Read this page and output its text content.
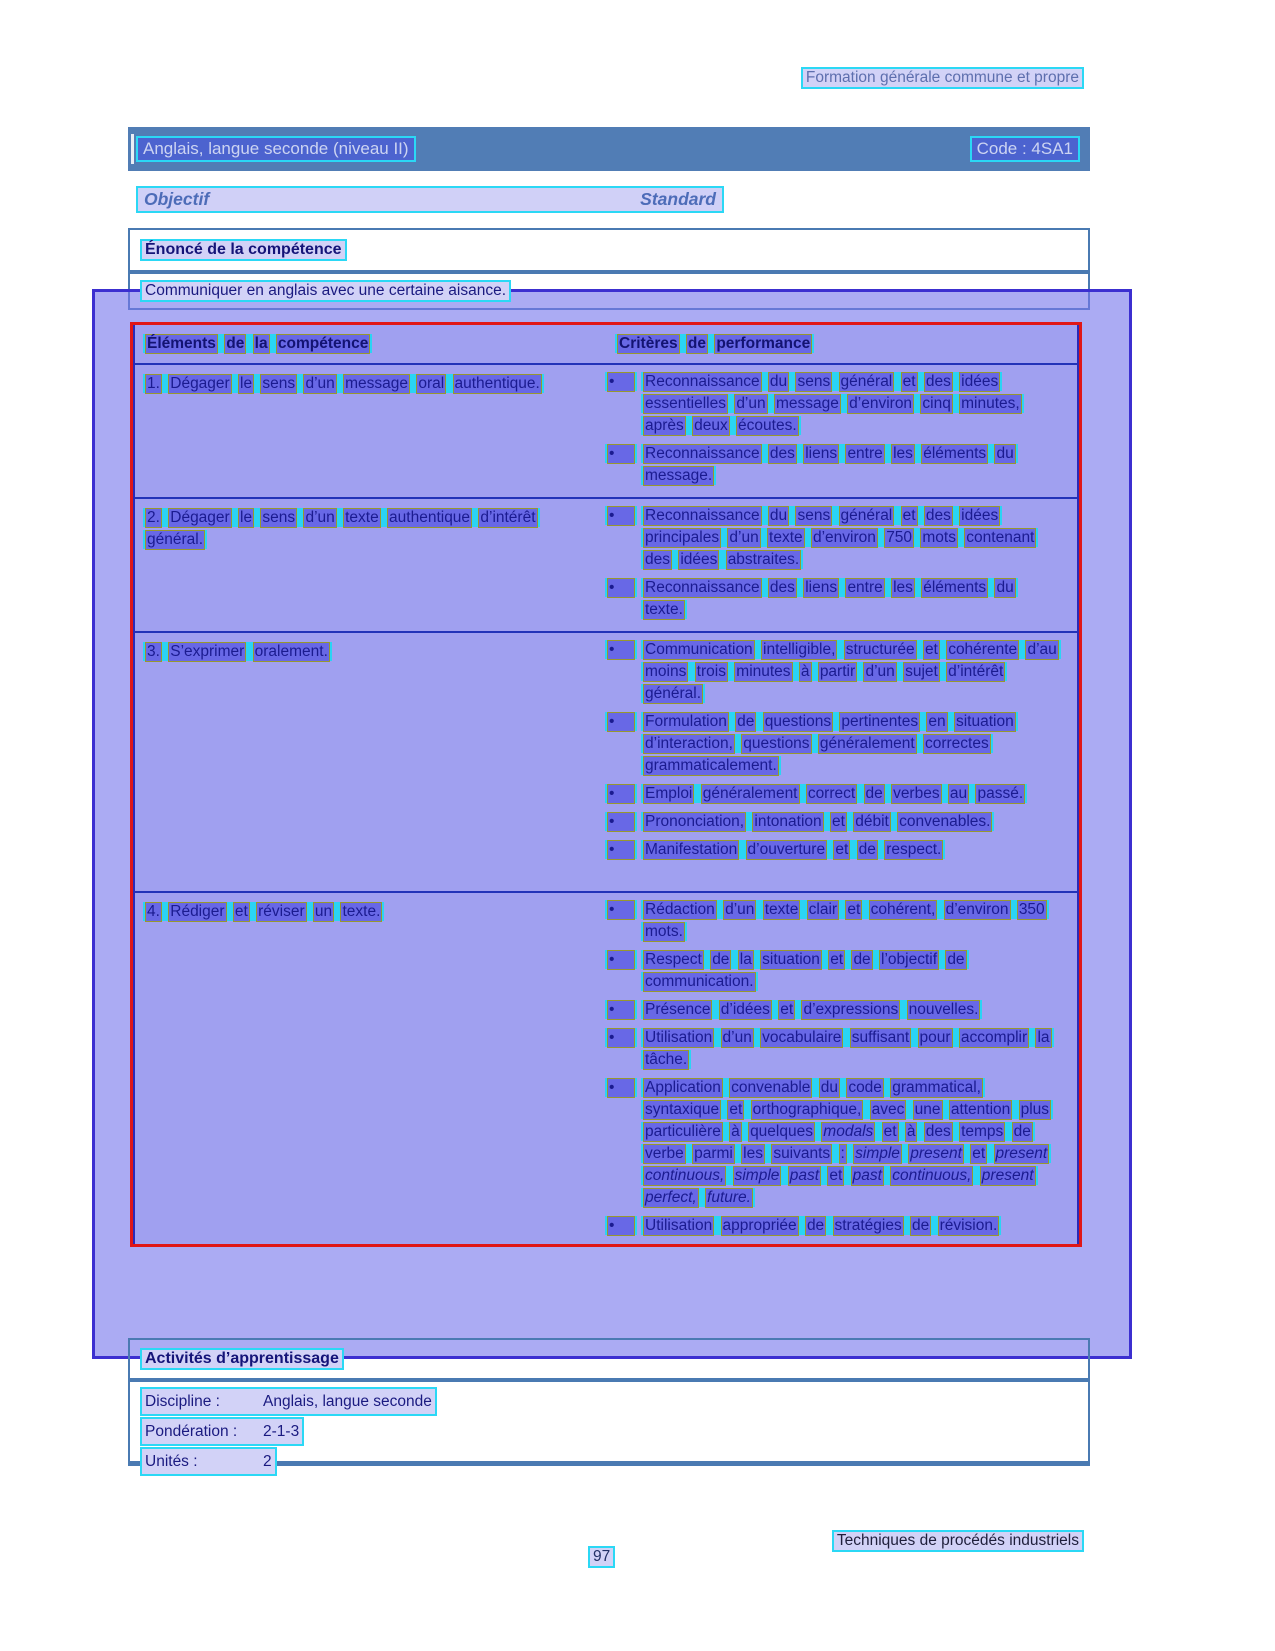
Formation générale commune et propre
Anglais, langue seconde (niveau II)	Code : 4SA1
Objectif	Standard
Énoncé de la compétence
Communiquer en anglais avec une certaine aisance.
Éléments de la compétence	Critères de performance
1. Dégager le sens d’un message oral authentique.	•	Reconnaissance du sens général et des idées essentielles d’un message d’environ cinq minutes, après deux écoutes.
•	Reconnaissance des liens entre les éléments du message.
2. Dégager le sens d’un texte authentique d’intérêt général.
•	Reconnaissance du sens général et des idées principales d’un texte d’environ 750 mots contenant des idées abstraites.
•	Reconnaissance des liens entre les éléments du texte.
3. S’exprimer oralement.	•	Communication intelligible, structurée et cohérente d’au moins trois minutes à partir d’un sujet d’intérêt général.
•	Formulation de questions pertinentes en situation d’interaction, questions généralement correctes grammaticalement.
•	Emploi généralement correct de verbes au passé.
•	Prononciation, intonation et débit convenables.
•	Manifestation d’ouverture et de respect.
4. Rédiger et réviser un texte.	•	Rédaction d’un texte clair et cohérent, d’environ 350 mots.
•	Respect de la situation et de l’objectif de communication.
•	Présence d’idées et d’expressions nouvelles.
•	Utilisation d’un vocabulaire suffisant pour accomplir la tâche.
•	Application convenable du code grammatical, syntaxique et orthographique, avec une attention plus particulière à quelques modals et à des temps de verbe parmi les suivants : simple present et present continuous, simple past et past continuous, present perfect, future.
•	Utilisation appropriée de stratégies de révision.
Activités d’apprentissage
Discipline :	Anglais, langue seconde
Pondération : 2-1-3
Unités :	2
Techniques de procédés industriels
97
